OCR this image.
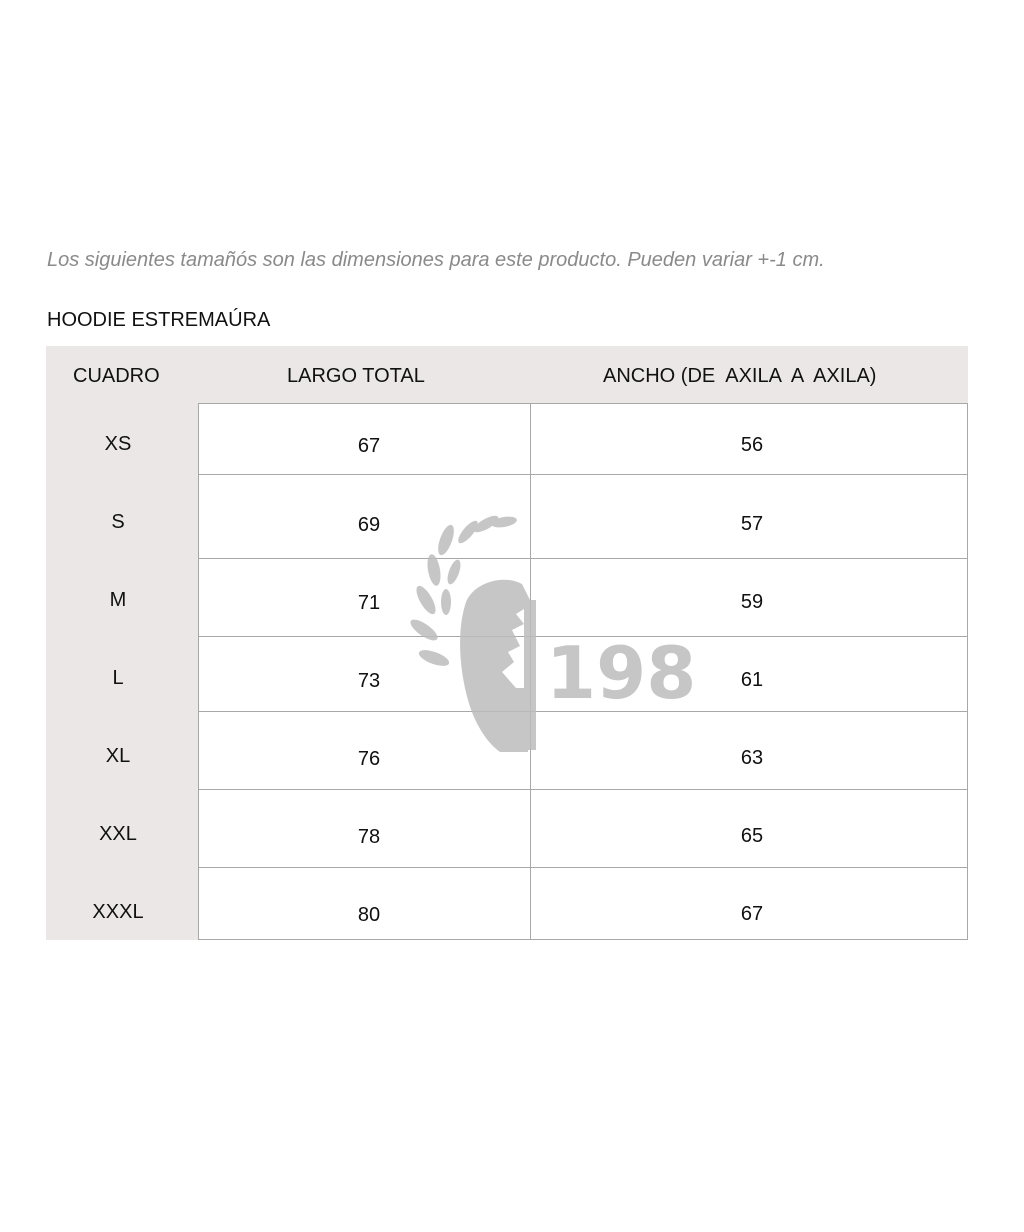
Los siguientes tamañós son las dimensiones para este producto. Pueden variar +-1 cm.

HOODIE ESTREMAÚRA

CUADRO	LARGO TOTAL	ANCHO (DE  AXILA  A  AXILA)
XS	67	56
S	69	57
M	71	59
L	73	61
XL	76	63
XXL	78	65
XXXL	80	67
198
